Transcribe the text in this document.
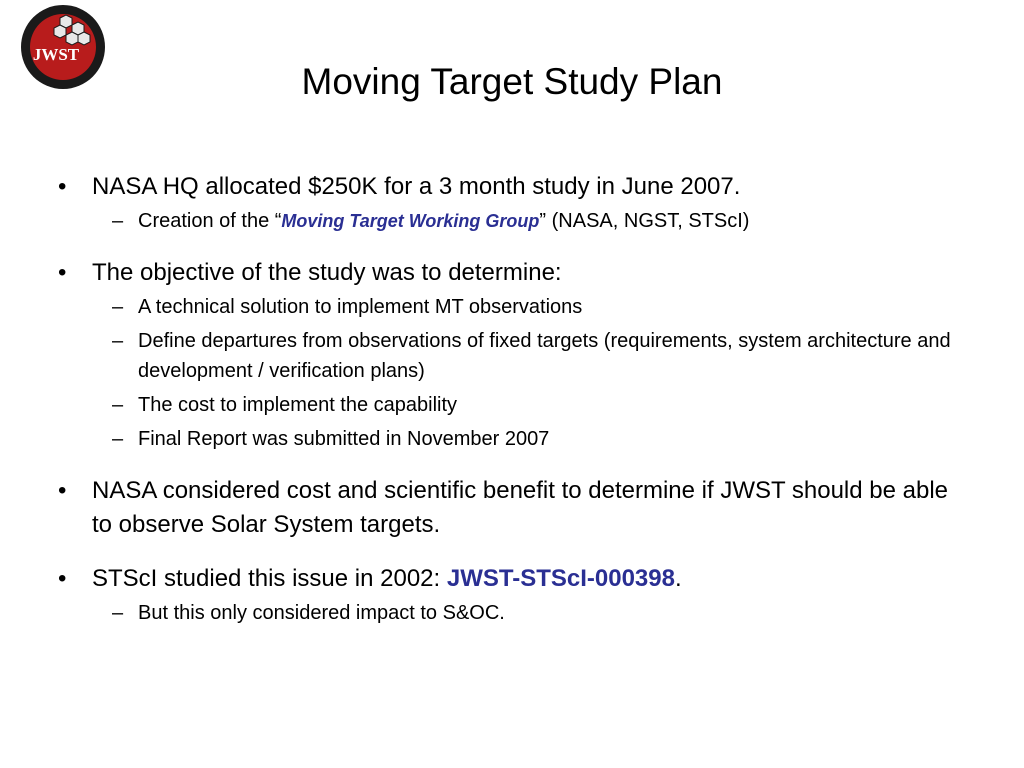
JWST
Moving Target Study Plan
• NASA HQ allocated $250K for a 3 month study in June 2007.
– Creation of the “Moving Target Working Group” (NASA, NGST, STScI)
• The objective of the study was to determine:
– A technical solution to implement MT observations
– Define departures from observations of fixed targets (requirements, system architecture and development / verification plans)
– The cost to implement the capability
– Final Report was submitted in November 2007
• NASA considered cost and scientific benefit to determine if JWST should be able to observe Solar System targets.
• STScI studied this issue in 2002: JWST-STScI-000398.
– But this only considered impact to S&OC.
